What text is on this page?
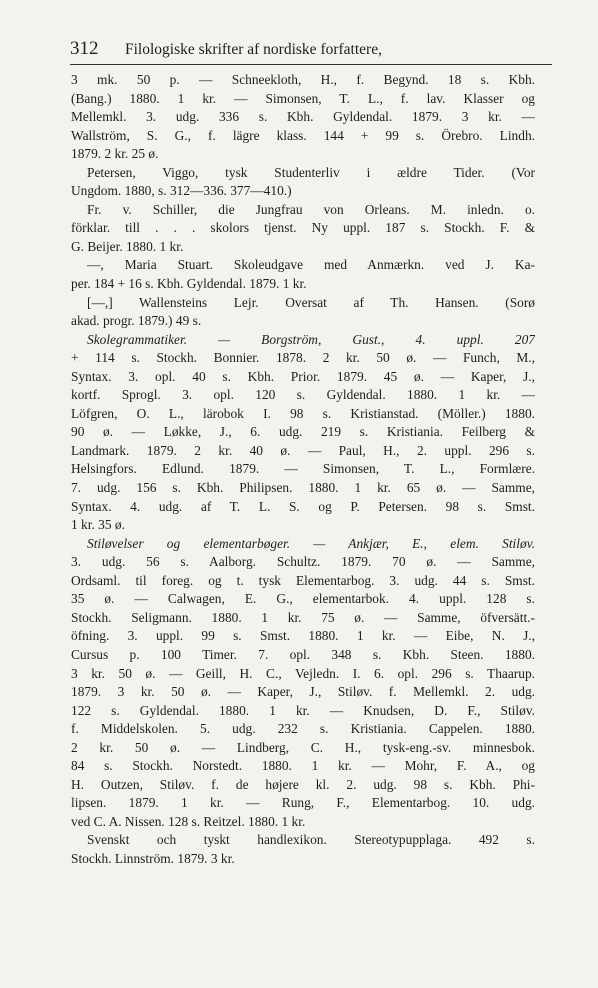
312 Filologiske skrifter af nordiske forfattere,
3 mk. 50 p. — Schneekloth, H., f. Begynd. 18 s. Kbh.
(Bang.) 1880. 1 kr. — Simonsen, T. L., f. lav. Klasser og
Mellemkl. 3. udg. 336 s. Kbh. Gyldendal. 1879. 3 kr. —
Wallström, S. G., f. lägre klass. 144 + 99 s. Örebro. Lindh.
1879. 2 kr. 25 ø.
Petersen, Viggo, tysk Studenterliv i ældre Tider. (Vor
Ungdom. 1880, s. 312—336. 377—410.)
Fr. v. Schiller, die Jungfrau von Orleans. M. inledn. o.
förklar. till . . . skolors tjenst. Ny uppl. 187 s. Stockh. F. &
G. Beijer. 1880. 1 kr.
—, Maria Stuart. Skoleudgave med Anmærkn. ved J. Ka-
per. 184 + 16 s. Kbh. Gyldendal. 1879. 1 kr.
[—,] Wallensteins Lejr. Oversat af Th. Hansen. (Sorø
akad. progr. 1879.) 49 s.
Skolegrammatiker. — Borgström, Gust., 4. uppl. 207
+ 114 s. Stockh. Bonnier. 1878. 2 kr. 50 ø. — Funch, M.,
Syntax. 3. opl. 40 s. Kbh. Prior. 1879. 45 ø. — Kaper, J.,
kortf. Sprogl. 3. opl. 120 s. Gyldendal. 1880. 1 kr. —
Löfgren, O. L., lärobok I. 98 s. Kristianstad. (Möller.) 1880.
90 ø. — Løkke, J., 6. udg. 219 s. Kristiania. Feilberg &
Landmark. 1879. 2 kr. 40 ø. — Paul, H., 2. uppl. 296 s.
Helsingfors. Edlund. 1879. — Simonsen, T. L., Formlære.
7. udg. 156 s. Kbh. Philipsen. 1880. 1 kr. 65 ø. — Samme,
Syntax. 4. udg. af T. L. S. og P. Petersen. 98 s. Smst.
1 kr. 35 ø.
Stiløvelser og elementarbøger. — Ankjær, E., elem. Stiløv.
3. udg. 56 s. Aalborg. Schultz. 1879. 70 ø. — Samme,
Ordsaml. til foreg. og t. tysk Elementarbog. 3. udg. 44 s. Smst.
35 ø. — Calwagen, E. G., elementarbok. 4. uppl. 128 s.
Stockh. Seligmann. 1880. 1 kr. 75 ø. — Samme, öfversätt.-
öfning. 3. uppl. 99 s. Smst. 1880. 1 kr. — Eibe, N. J.,
Cursus p. 100 Timer. 7. opl. 348 s. Kbh. Steen. 1880.
3 kr. 50 ø. — Geill, H. C., Vejledn. I. 6. opl. 296 s. Thaarup.
1879. 3 kr. 50 ø. — Kaper, J., Stiløv. f. Mellemkl. 2. udg.
122 s. Gyldendal. 1880. 1 kr. — Knudsen, D. F., Stiløv.
f. Middelskolen. 5. udg. 232 s. Kristiania. Cappelen. 1880.
2 kr. 50 ø. — Lindberg, C. H., tysk-eng.-sv. minnesbok.
84 s. Stockh. Norstedt. 1880. 1 kr. — Mohr, F. A., og
H. Outzen, Stiløv. f. de højere kl. 2. udg. 98 s. Kbh. Phi-
lipsen. 1879. 1 kr. — Rung, F., Elementarbog. 10. udg.
ved C. A. Nissen. 128 s. Reitzel. 1880. 1 kr.
Svenskt och tyskt handlexikon. Stereotypupplaga. 492 s.
Stockh. Linnström. 1879. 3 kr.
